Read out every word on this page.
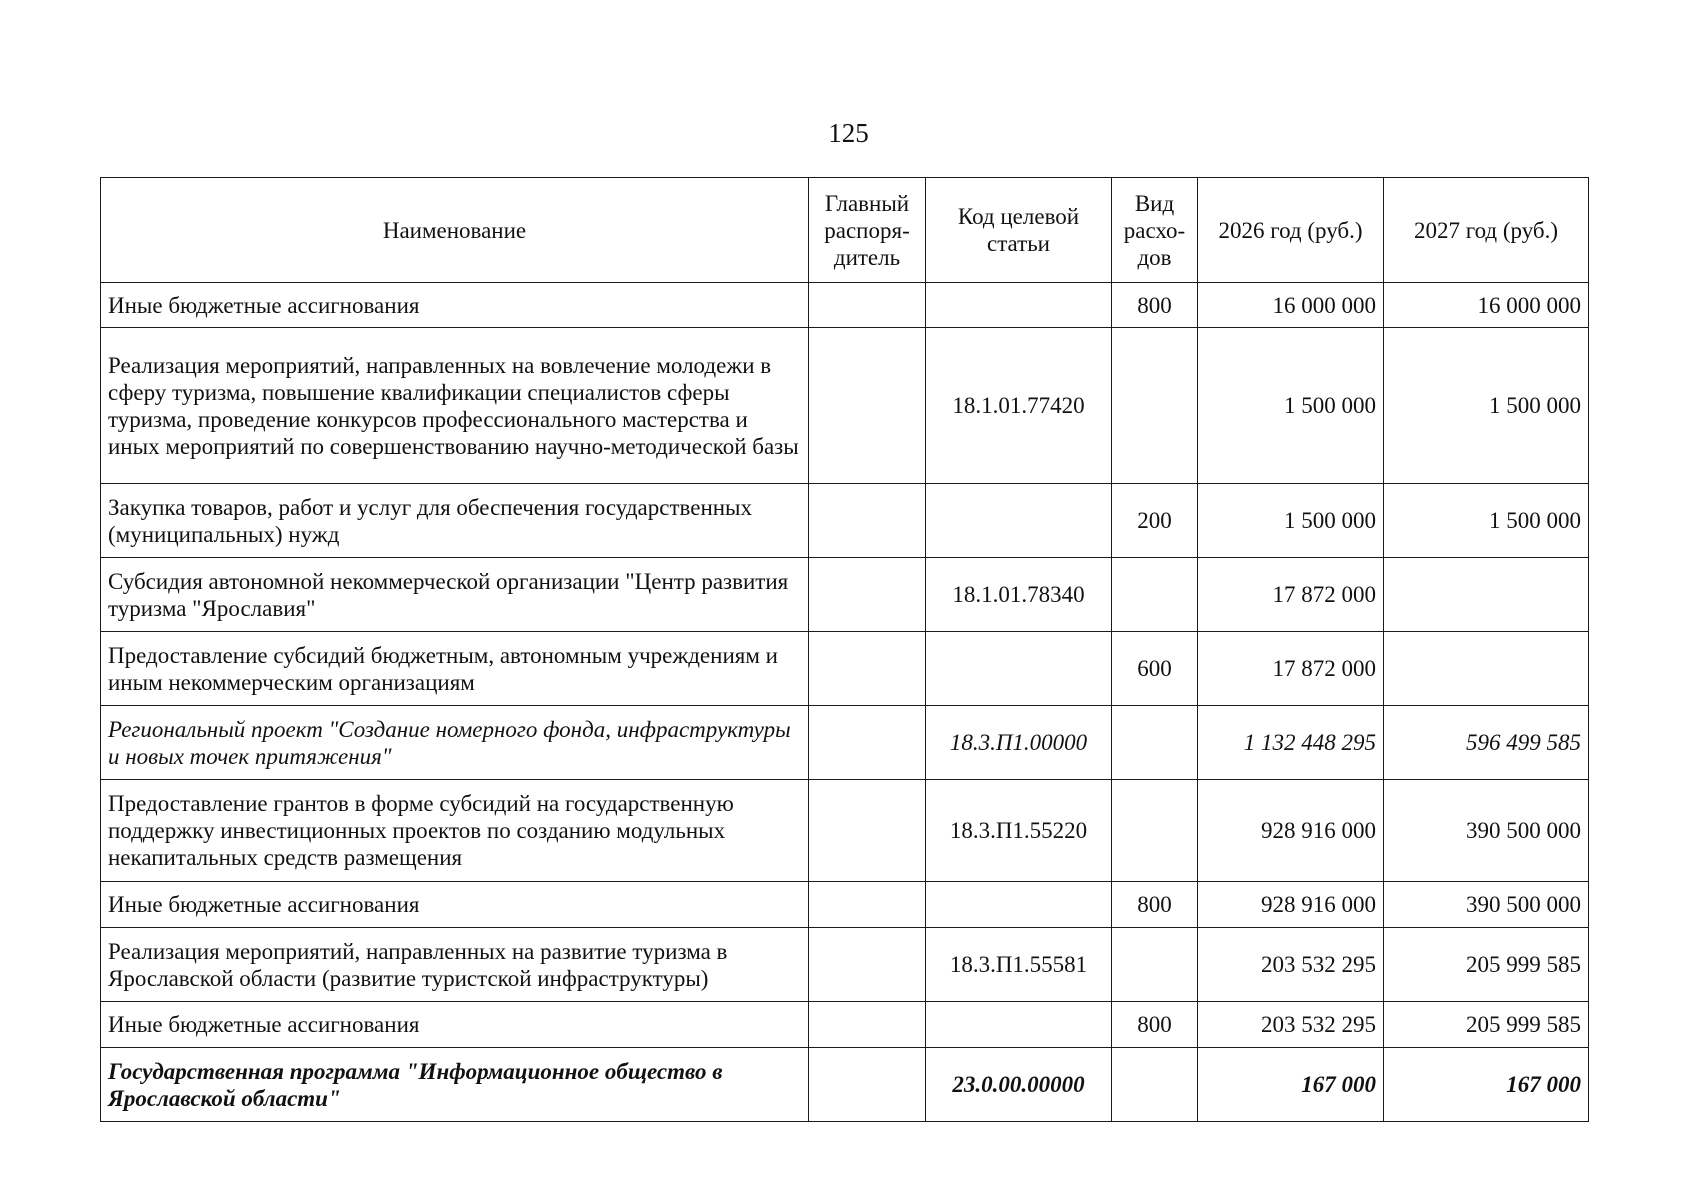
125
Наименование	Главный распоря-дитель	Код целевой статьи	Вид расхо-дов	2026 год (руб.)	2027 год (руб.)
Иные бюджетные ассигнования			800	16 000 000	16 000 000
Реализация мероприятий, направленных на вовлечение молодежи в сферу туризма, повышение квалификации специалистов сферы туризма, проведение конкурсов профессионального мастерства и иных мероприятий по совершенствованию научно-методической базы		18.1.01.77420		1 500 000	1 500 000
Закупка товаров, работ и услуг для обеспечения государственных (муниципальных) нужд			200	1 500 000	1 500 000
Субсидия автономной некоммерческой организации "Центр развития туризма "Ярославия"		18.1.01.78340		17 872 000	
Предоставление субсидий бюджетным, автономным учреждениям и иным некоммерческим организациям			600	17 872 000	
Региональный проект "Создание номерного фонда, инфраструктуры и новых точек притяжения"		18.3.П1.00000		1 132 448 295	596 499 585
Предоставление грантов в форме субсидий на государственную поддержку инвестиционных проектов по созданию модульных некапитальных средств размещения		18.3.П1.55220		928 916 000	390 500 000
Иные бюджетные ассигнования			800	928 916 000	390 500 000
Реализация мероприятий, направленных на развитие туризма в Ярославской области (развитие туристской инфраструктуры)		18.3.П1.55581		203 532 295	205 999 585
Иные бюджетные ассигнования			800	203 532 295	205 999 585
Государственная программа "Информационное общество в Ярославской области"		23.0.00.00000		167 000	167 000
